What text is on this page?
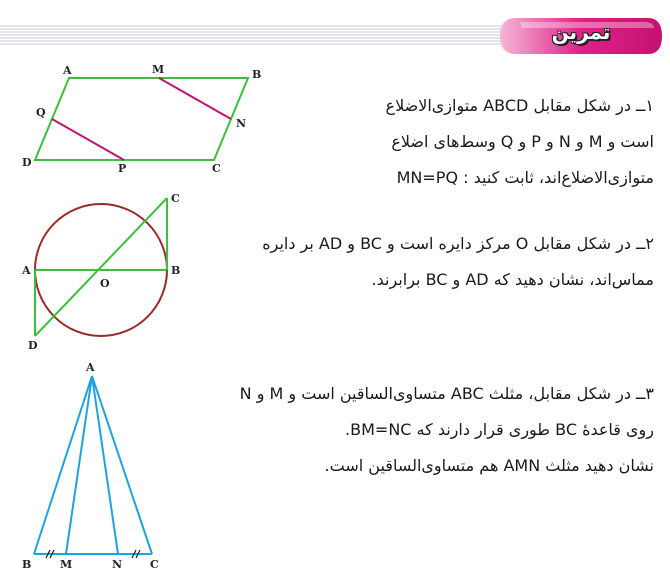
تمرین
A	M	B
Q
N
D	P	C
۱ــ در شکل مقابل ABCD متوازی‌الاضلاع
است و M و N و P و Q وسط‌های اضلاع
متوازی‌الاضلاع‌اند، ثابت کنید : MN=PQ
C
A
O
B
D
۲ــ در شکل مقابل O مرکز دایره است و BC و AD بر دایره
مماس‌اند، نشان دهید که AD و BC برابرند.
A
B	M	N	C
۳ــ در شکل مقابل، مثلث ABC متساوی‌الساقین است و M و N
روی قاعدهٔ BC طوری قرار دارند که BM=NC.
نشان دهید مثلث AMN هم متساوی‌الساقین است.
